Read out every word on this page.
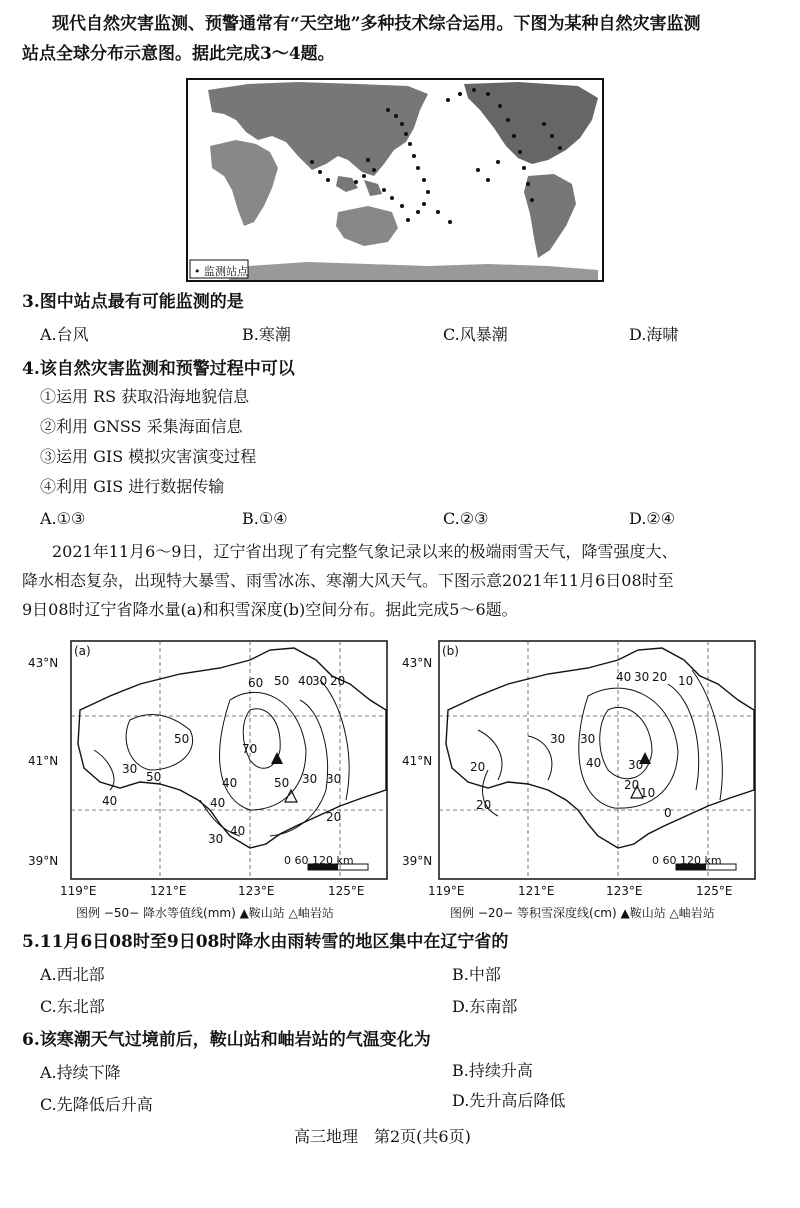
现代自然灾害监测、预警通常有“天空地”多种技术综合运用。下图为某种自然灾害监测
站点全球分布示意图。据此完成3～4题。
• 监测站点
3.图中站点最有可能监测的是
A.台风	B.寒潮	C.风暴潮	D.海啸
4.该自然灾害监测和预警过程中可以
①运用 RS 获取沿海地貌信息
②利用 GNSS 采集海面信息
③运用 GIS 模拟灾害演变过程
④利用 GIS 进行数据传输
A.①③	B.①④	C.②③	D.②④
2021年11月6～9日，辽宁省出现了有完整气象记录以来的极端雨雪天气，降雪强度大、
降水相态复杂，出现特大暴雪、雨雪冰冻、寒潮大风天气。下图示意2021年11月6日08时至
9日08时辽宁省降水量(a)和积雪深度(b)空间分布。据此完成5～6题。
43°N
41°N
39°N
(a)
60 50 40
30 20
70
50
50	40
30
40
50 30
40
40
30
30
20
0 60 120 km
119°E	121°E	123°E	125°E
图例 −50− 降水等值线(mm) ▲鞍山站 △岫岩站
43°N
41°N
39°N
(b)
40 30 20 10
30 30
40 30
20
10
20
20
0
0 60 120 km
119°E	121°E	123°E	125°E
图例 −20− 等积雪深度线(cm) ▲鞍山站 △岫岩站
5.11月6日08时至9日08时降水由雨转雪的地区集中在辽宁省的
A.西北部	B.中部
C.东北部	D.东南部
6.该寒潮天气过境前后，鞍山站和岫岩站的气温变化为
A.持续下降	B.持续升高
C.先降低后升高	D.先升高后降低
高三地理　第2页(共6页)
